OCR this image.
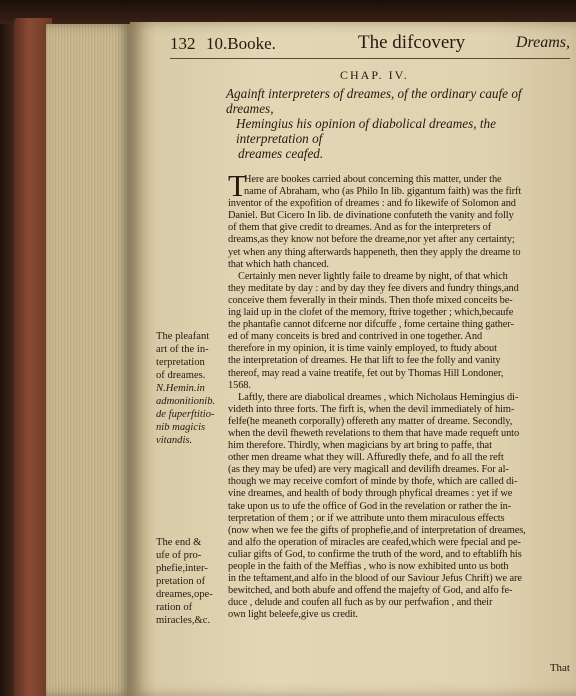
132 10.Booke.	The difcovery	Dreams,
CHAP. IV.
Againft interpreters of dreames, of the ordinary caufe of dreames,
Hemingius his opinion of diabolical dreames, the interpretation of
dreames ceafed.
T
Here are bookes carried about concerning this matter, under the
name of Abraham, who (as Philo In lib. gigantum faith) was the firft
inventor of the expofition of dreames : and fo likewife of Solomon and
Daniel. But Cicero In lib. de divinatione confuteth the vanity and folly
of them that give credit to dreames. And as for the interpreters of
dreams,as they know not before the dreame,nor yet after any certainty;
yet when any thing afterwards happeneth, then they apply the dreame to
that which hath chanced.
Certainly men never lightly faile to dreame by night, of that which
they meditate by day : and by day they fee divers and fundry things,and
conceive them feverally in their minds. Then thofe mixed conceits be-
ing laid up in the clofet of the memory, ftrive together ; which,becaufe
the phantafie cannot difcerne nor difcuffe , fome certaine thing gather-
ed of many conceits is bred and contrived in one together. And
therefore in my opinion, it is time vainly employed, to ftudy about
the interpretation of dreames. He that lift to fee the folly and vanity
thereof, may read a vaine treatife, fet out by Thomas Hill Londoner,
1568.
Laftly, there are diabolical dreames , which Nicholaus Hemingius di-
videth into three forts. The firft is, when the devil immediately of him-
felfe(he meaneth corporally) offereth any matter of dreame. Secondly,
when the devil fheweth revelations to them that have made requeft unto
him therefore. Thirdly, when magicians by art bring to paffe, that
other men dreame what they will. Affuredly thefe, and fo all the reft
(as they may be ufed) are very magicall and devilifh dreames. For al-
though we may receive comfort of minde by thofe, which are called di-
vine dreames, and health of body through phyfical dreames : yet if we
take upon us to ufe the office of God in the revelation or rather the in-
terpretation of them ; or if we attribute unto them miraculous effects
(now when we fee the gifts of prophefie,and of interpretation of dreames,
and alfo the operation of miracles are ceafed,which were fpecial and pe-
culiar gifts of God, to confirme the truth of the word, and to eftablifh his
people in the faith of the Meffias , who is now exhibited unto us both
in the teftament,and alfo in the blood of our Saviour Jefus Chrift) we are
bewitched, and both abufe and offend the majefty of God, and alfo fe-
duce , delude and coufen all fuch as by our perfwafion , and their
own light beleefe,give us credit.
The pleafant
art of the in-
terpretation
of dreames.
N.Hemin.in
admonitionib.
de fuperftitio-
nib magicis
vitandis.
The end &
ufe of pro-
phefie,inter-
pretation of
dreames,ope-
ration of
miracles,&c.
That
